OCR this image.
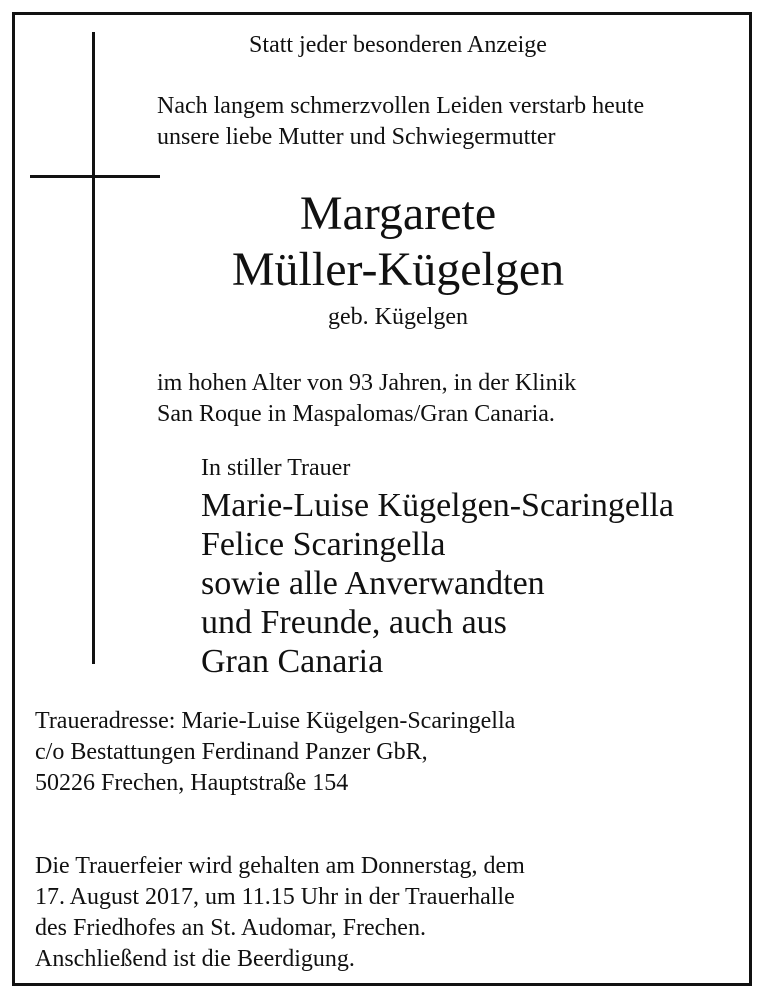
Statt jeder besonderen Anzeige
Nach langem schmerzvollen Leiden verstarb heute
unsere liebe Mutter und Schwiegermutter
Margarete
Müller-Kügelgen
geb. Kügelgen
im hohen Alter von 93 Jahren, in der Klinik
San Roque in Maspalomas/Gran Canaria.
In stiller Trauer
Marie-Luise Kügelgen-Scaringella
Felice Scaringella
sowie alle Anverwandten
und Freunde, auch aus
Gran Canaria
Traueradresse: Marie-Luise Kügelgen-Scaringella
c/o Bestattungen Ferdinand Panzer GbR,
50226 Frechen, Hauptstraße 154
Die Trauerfeier wird gehalten am Donnerstag, dem
17. August 2017, um 11.15 Uhr in der Trauerhalle
des Friedhofes an St. Audomar, Frechen.
Anschließend ist die Beerdigung.
